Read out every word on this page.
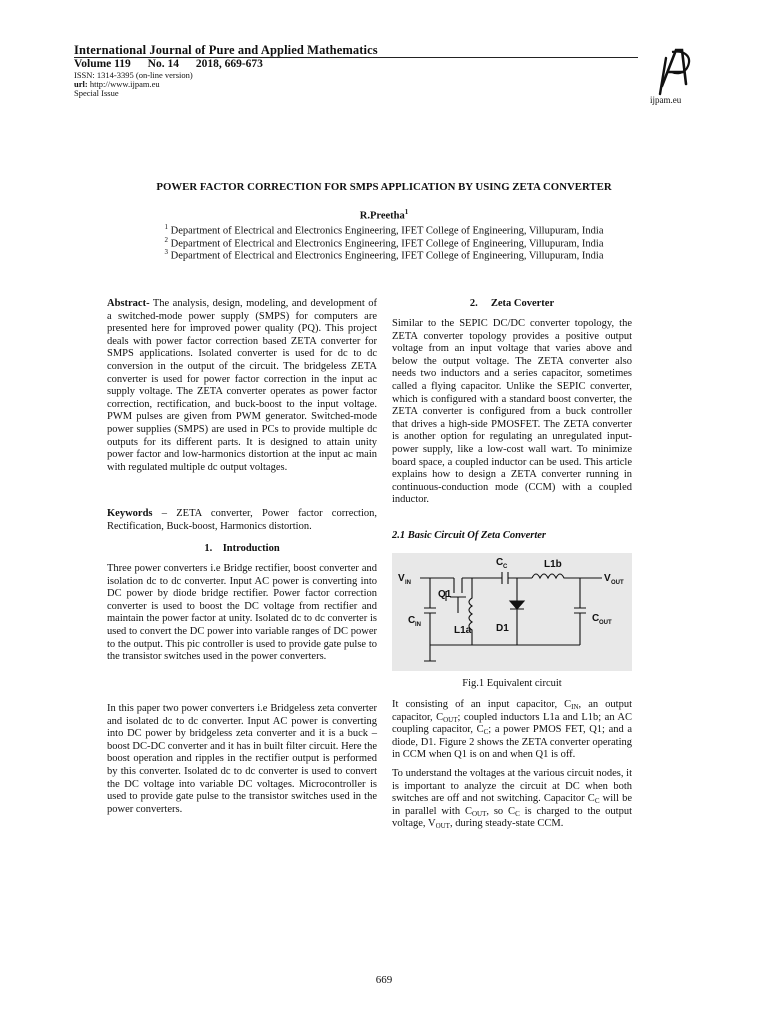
International Journal of Pure and Applied Mathematics
Volume 119 No. 14 2018, 669-673
ISSN: 1314-3395 (on-line version)
url: http://www.ijpam.eu
Special Issue
ijpam.eu
POWER FACTOR CORRECTION FOR SMPS APPLICATION BY USING ZETA CONVERTER
R.Preetha$^1$
$^1$ Department of Electrical and Electronics Engineering, IFET College of Engineering, Villupuram, India
$^2$ Department of Electrical and Electronics Engineering, IFET College of Engineering, Villupuram, India
$^3$ Department of Electrical and Electronics Engineering, IFET College of Engineering, Villupuram, India
Abstract- The analysis, design, modeling, and development of a switched-mode power supply (SMPS) for computers are presented here for improved power quality (PQ). This project deals with power factor correction based ZETA converter for SMPS applications. Isolated converter is used for dc to dc conversion in the output of the circuit. The bridgeless ZETA converter is used for power factor correction in the input ac supply voltage. The ZETA converter operates as power factor correction, rectification, and buck-boost to the input voltage. PWM pulses are given from PWM generator. Switched-mode power supplies (SMPS) are used in PCs to provide multiple dc outputs for its different parts. It is designed to attain unity power factor and low-harmonics distortion at the input ac main with regulated multiple dc output voltages.
Keywords – ZETA converter, Power factor correction, Rectification, Buck-boost, Harmonics distortion.
1.    Introduction
Three power converters i.e Bridge rectifier, boost converter and isolation dc to dc converter. Input AC power is converting into DC power by diode bridge rectifier. Power factor correction converter is used to boost the DC voltage from rectifier and maintain the power factor at unity. Isolated dc to dc converter is used to convert the DC power into variable ranges of DC power to the output. This pic controller is used to provide gate pulse to the transistor switches used in the power converters.
In this paper two power converters i.e Bridgeless zeta converter and isolated dc to dc converter. Input AC power is converting into DC power by bridgeless zeta converter and it is a buck – boost DC-DC converter and it has in built filter circuit. Here the boost operation and ripples in the rectifier output is performed by this converter. Isolated dc to dc converter is used to convert the DC voltage into variable DC voltages. Microcontroller is used to provide gate pulse to the transistor switches used in the power converters.
2.     Zeta Coverter
Similar to the SEPIC DC/DC converter topology, the ZETA converter topology provides a positive output voltage from an input voltage that varies above and below the output voltage. The ZETA converter also needs two inductors and a series capacitor, sometimes called a flying capacitor. Unlike the SEPIC converter, which is configured with a standard boost converter, the ZETA converter is configured from a buck controller that drives a high-side PMOSFET. The ZETA converter is another option for regulating an unregulated input-power supply, like a low-cost wall wart. To minimize board space, a coupled inductor can be used. This article explains how to design a ZETA converter running in continuous-conduction mode (CCM) with a coupled inductor.
2.1 Basic Circuit Of Zeta Converter
V IN
C C	L1b
V OUT
Q1
C IN	L1a D1
C OUT
Fig.1 Equivalent circuit
It consisting of an input capacitor, $C_{IN}$, an output capacitor, $C_{OUT}$; coupled inductors L1a and L1b; an AC coupling capacitor, $C_C$; a power PMOS FET, Q1; and a diode, D1. Figure 2 shows the ZETA converter operating in CCM when Q1 is on and when Q1 is off.
To understand the voltages at the various circuit nodes, it is important to analyze the circuit at DC when both switches are off and not switching. Capacitor $C_C$ will be in parallel with $C_{OUT}$, so $C_C$ is charged to the output voltage, $V_{OUT}$, during steady-state CCM.
669
